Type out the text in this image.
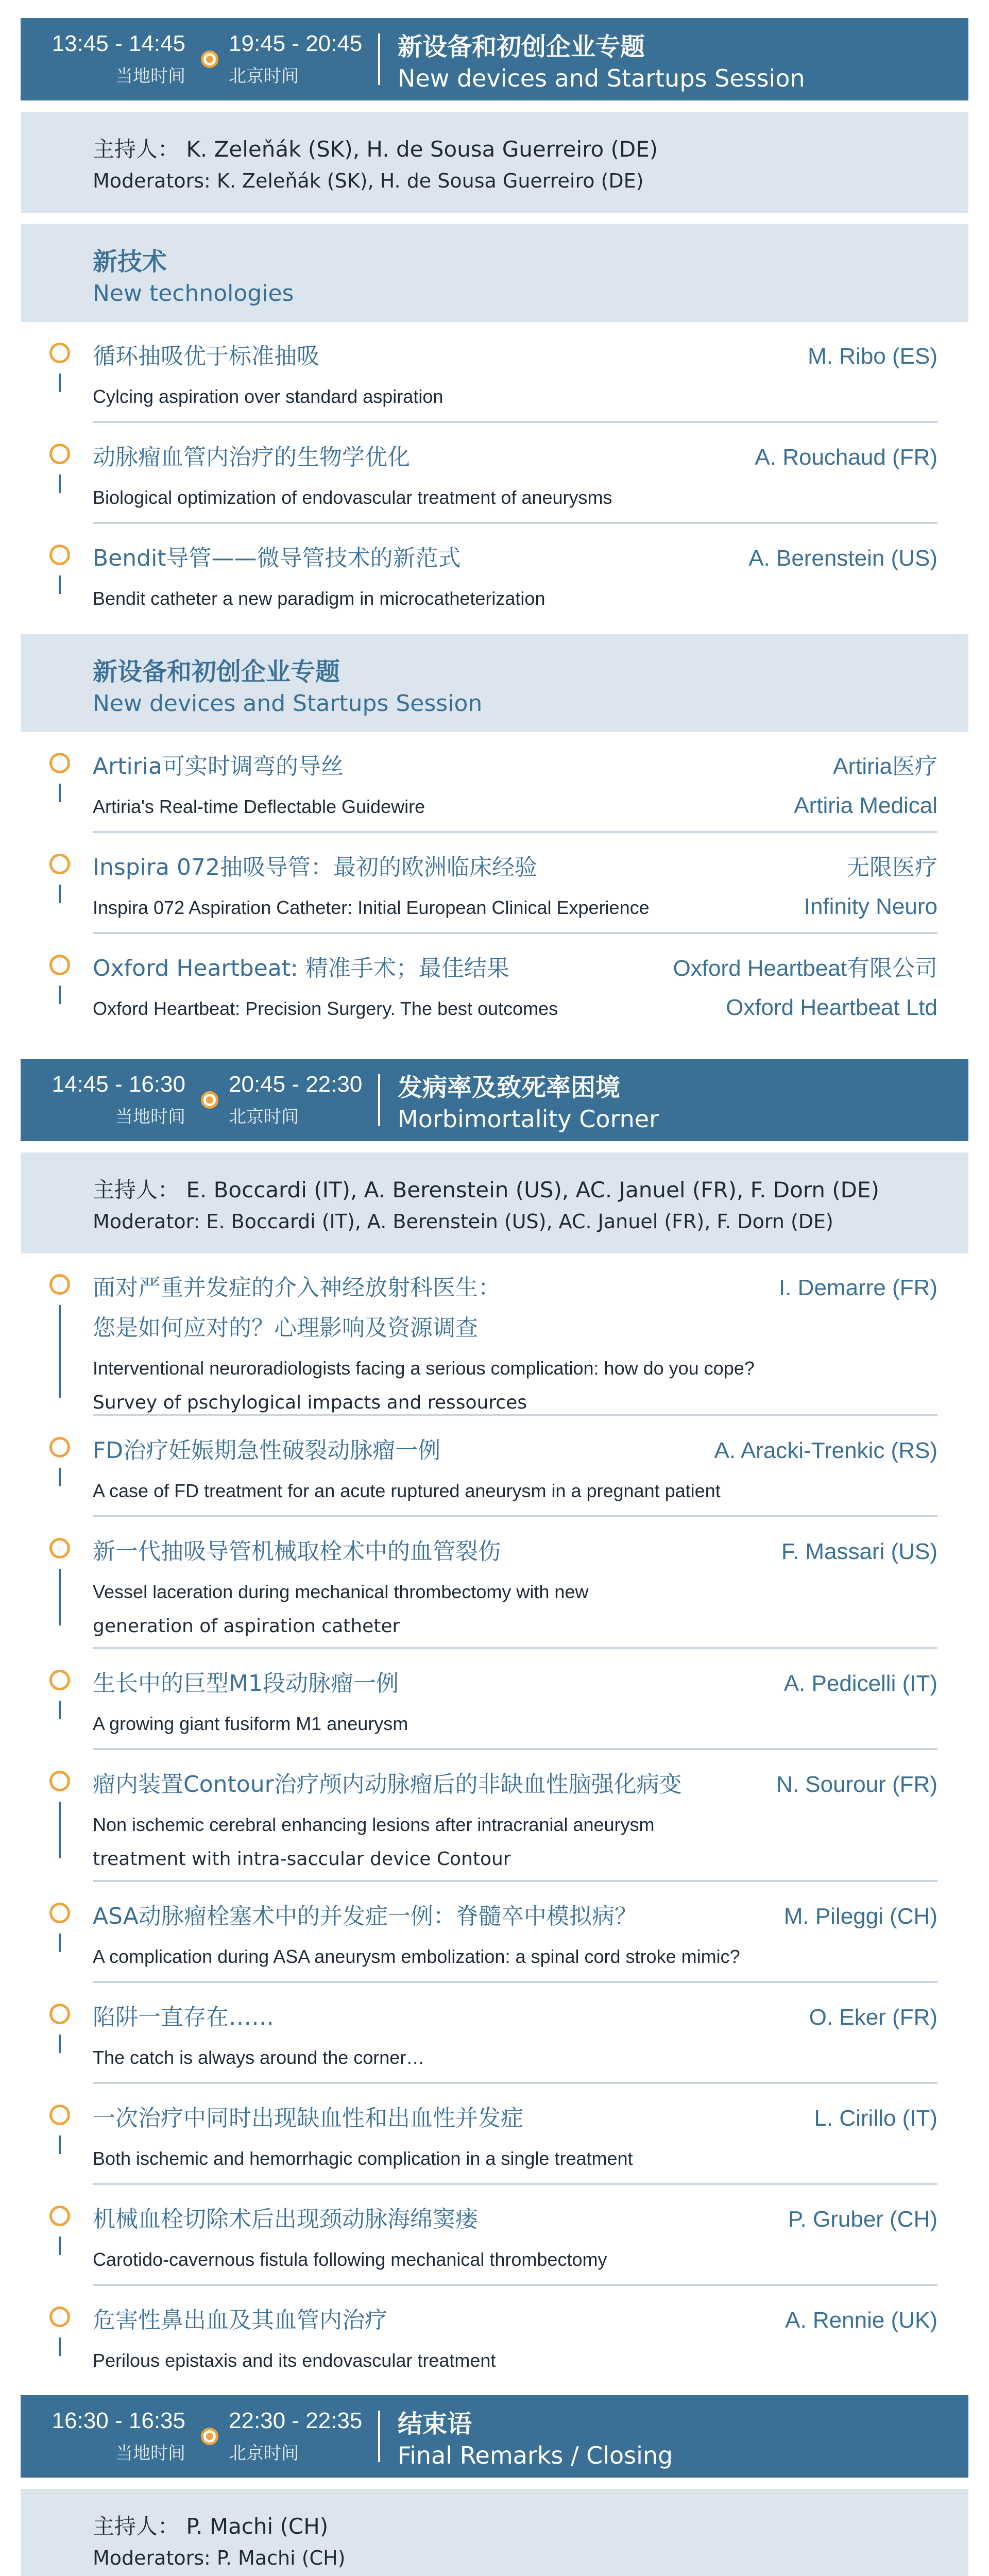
13:45 - 14:45
当地时间
19:45 - 20:45
北京时间
新设备和初创企业专题
New devices and Startups Session
主持人： K. Zeleňák (SK), H. de Sousa Guerreiro (DE)
Moderators: K. Zeleňák (SK), H. de Sousa Guerreiro (DE)
新技术
New technologies
循环抽吸优于标准抽吸	M. Ribo (ES)
Cylcing aspiration over standard aspiration
动脉瘤血管内治疗的生物学优化	A. Rouchaud (FR)
Biological optimization of endovascular treatment of aneurysms
Bendit导管——微导管技术的新范式	A. Berenstein (US)
Bendit catheter a new paradigm in microcatheterization
新设备和初创企业专题
New devices and Startups Session
Artiria可实时调弯的导丝	Artiria医疗
Artiria's Real-time Deflectable Guidewire	Artiria Medical
Inspira 072抽吸导管：最初的欧洲临床经验	无限医疗
Inspira 072 Aspiration Catheter: Initial European Clinical Experience	Infinity Neuro
Oxford Heartbeat: 精准手术；最佳结果	Oxford Heartbeat有限公司
Oxford Heartbeat: Precision Surgery. The best outcomes	Oxford Heartbeat Ltd
14:45 - 16:30
当地时间
20:45 - 22:30
北京时间
发病率及致死率困境
Morbimortality Corner
主持人： E. Boccardi (IT), A. Berenstein (US), AC. Januel (FR), F. Dorn (DE)
Moderator: E. Boccardi (IT), A. Berenstein (US), AC. Januel (FR), F. Dorn (DE)
面对严重并发症的介入神经放射科医生：	I. Demarre (FR)
您是如何应对的？心理影响及资源调查
Interventional neuroradiologists facing a serious complication: how do you cope?
Survey of pschylogical impacts and ressources
FD治疗妊娠期急性破裂动脉瘤一例	A. Aracki-Trenkic (RS)
A case of FD treatment for an acute ruptured aneurysm in a pregnant patient
新一代抽吸导管机械取栓术中的血管裂伤	F. Massari (US)
Vessel laceration during mechanical thrombectomy with new
generation of aspiration catheter
生长中的巨型M1段动脉瘤一例	A. Pedicelli (IT)
A growing giant fusiform M1 aneurysm
瘤内装置Contour治疗颅内动脉瘤后的非缺血性脑强化病变	N. Sourour (FR)
Non ischemic cerebral enhancing lesions after intracranial aneurysm
treatment with intra-saccular device Contour
ASA动脉瘤栓塞术中的并发症一例：脊髓卒中模拟病？	M. Pileggi (CH)
A complication during ASA aneurysm embolization: a spinal cord stroke mimic?
陷阱一直存在……	O. Eker (FR)
The catch is always around the corner…
一次治疗中同时出现缺血性和出血性并发症	L. Cirillo (IT)
Both ischemic and hemorrhagic complication in a single treatment
机械血栓切除术后出现颈动脉海绵窦瘘	P. Gruber (CH)
Carotido-cavernous fistula following mechanical thrombectomy
危害性鼻出血及其血管内治疗	A. Rennie (UK)
Perilous epistaxis and its endovascular treatment
16:30 - 16:35
当地时间
22:30 - 22:35
北京时间
结束语
Final Remarks / Closing
主持人： P. Machi (CH)
Moderators: P. Machi (CH)
